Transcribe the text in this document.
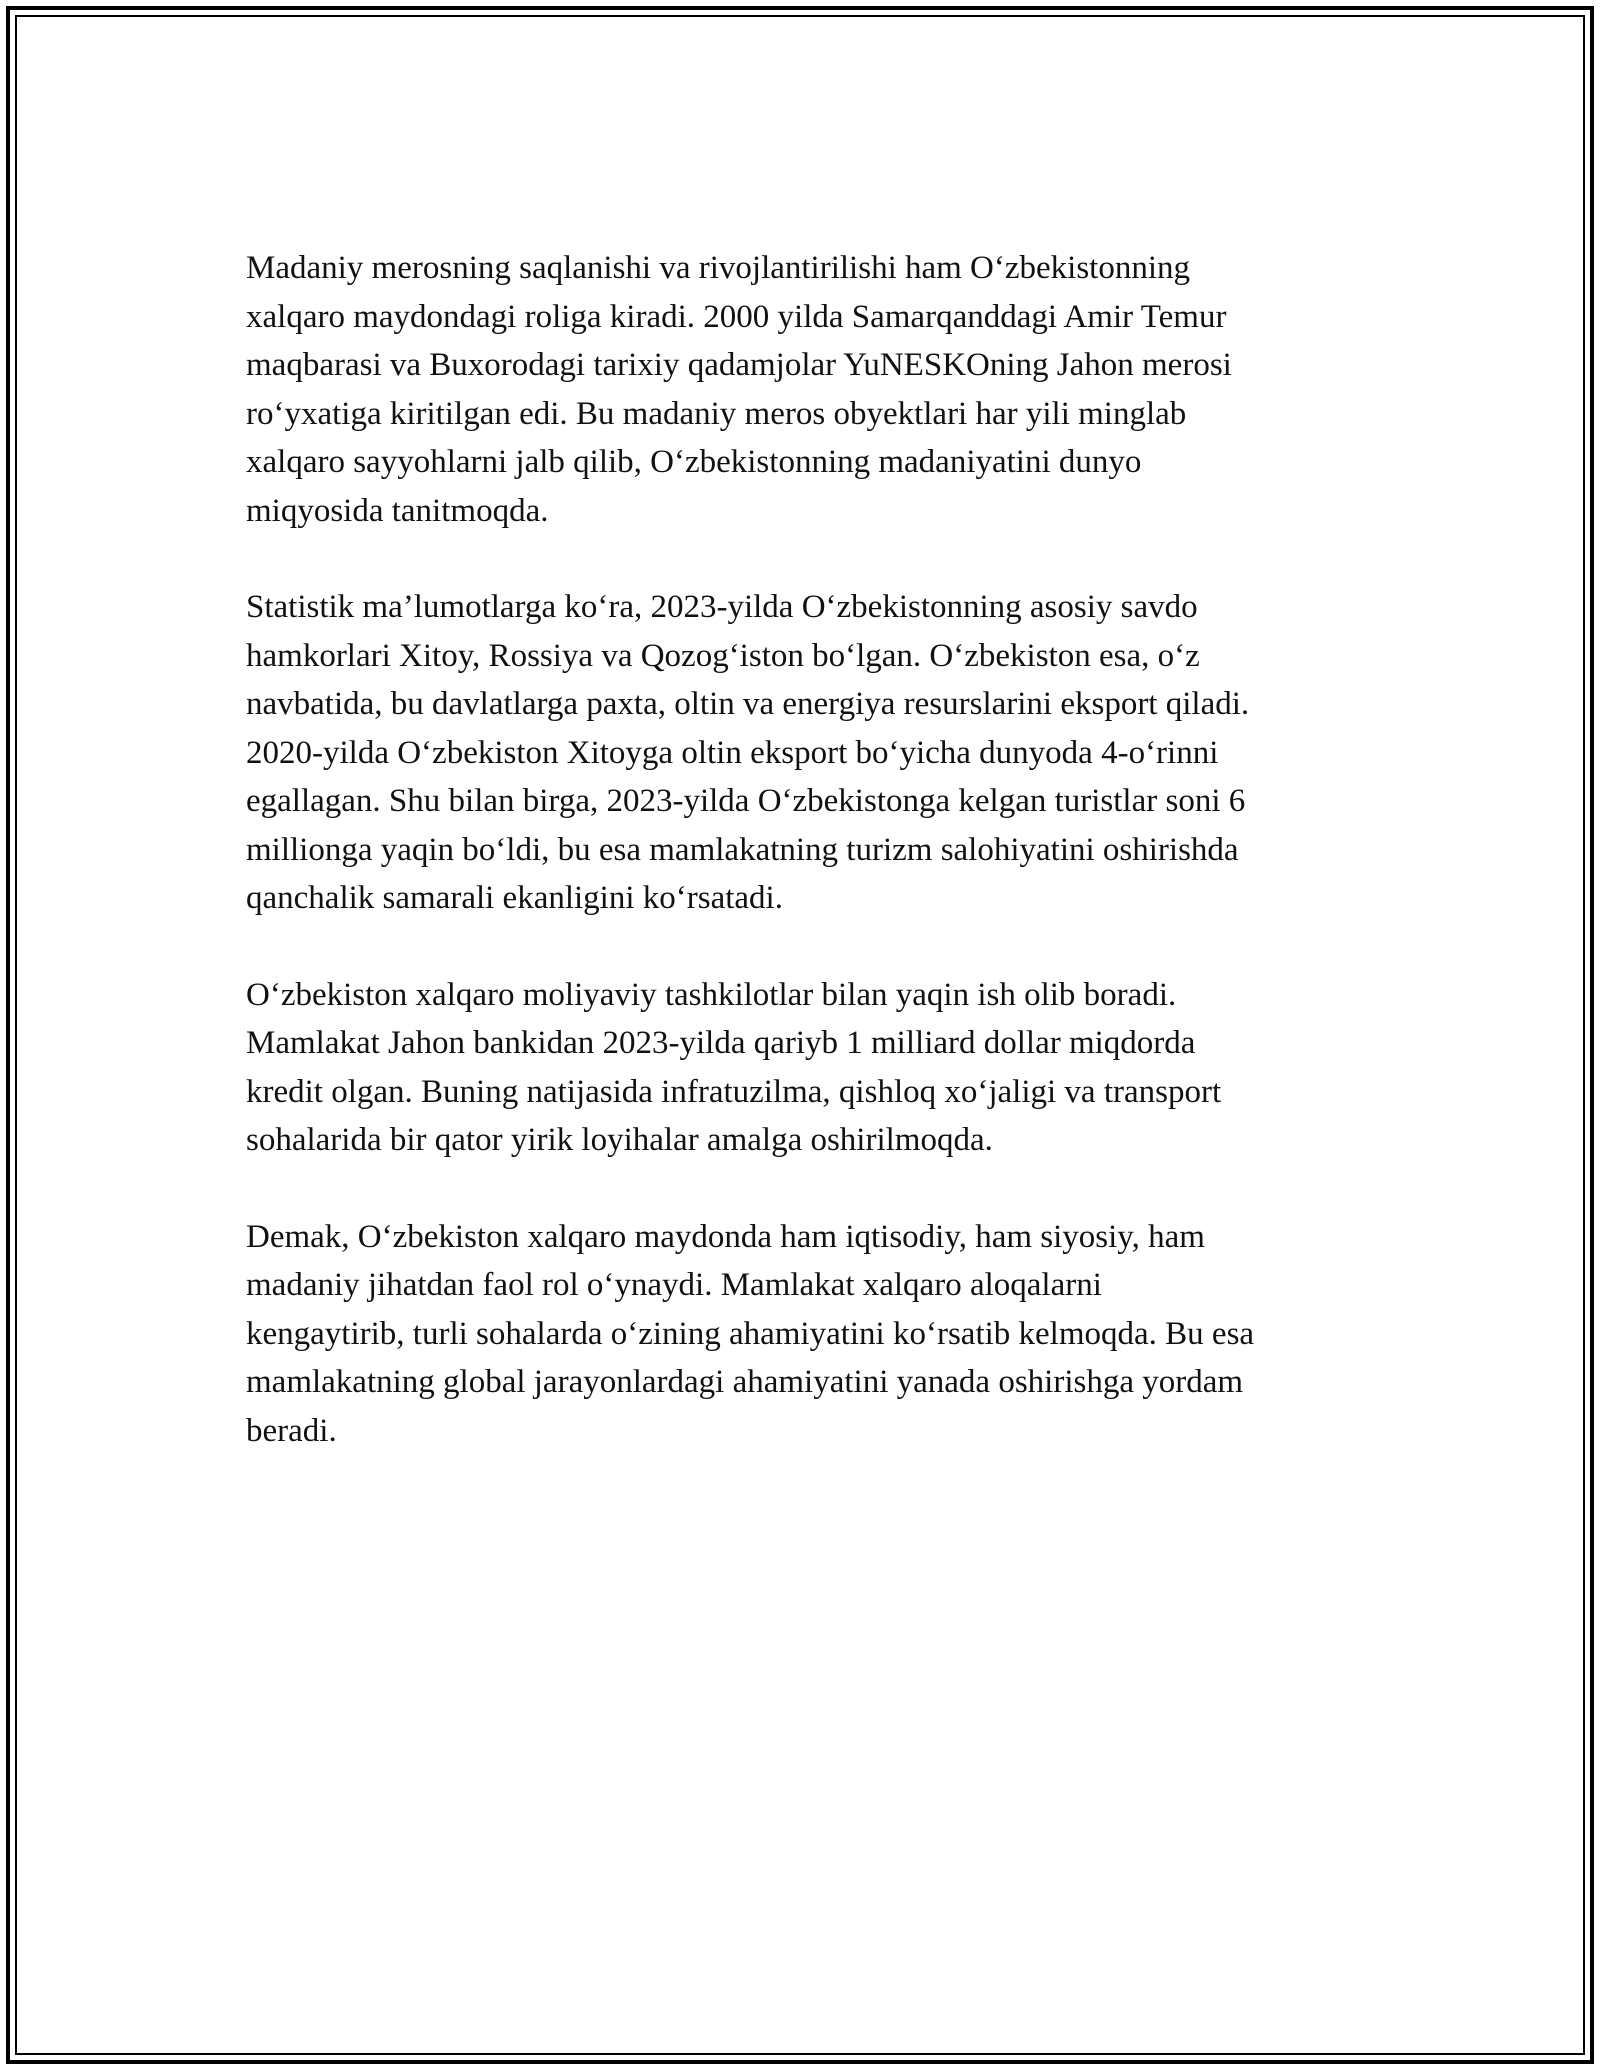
Madaniy merosning saqlanishi va rivojlantirilishi ham O‘zbekistonning
xalqaro maydondagi roliga kiradi. 2000 yilda Samarqanddagi Amir Temur
maqbarasi va Buxorodagi tarixiy qadamjolar YuNESKOning Jahon merosi
ro‘yxatiga kiritilgan edi. Bu madaniy meros obyektlari har yili minglab
xalqaro sayyohlarni jalb qilib, O‘zbekistonning madaniyatini dunyo
miqyosida tanitmoqda.

Statistik ma’lumotlarga ko‘ra, 2023-yilda O‘zbekistonning asosiy savdo
hamkorlari Xitoy, Rossiya va Qozog‘iston bo‘lgan. O‘zbekiston esa, o‘z
navbatida, bu davlatlarga paxta, oltin va energiya resurslarini eksport qiladi.
2020-yilda O‘zbekiston Xitoyga oltin eksport bo‘yicha dunyoda 4-o‘rinni
egallagan. Shu bilan birga, 2023-yilda O‘zbekistonga kelgan turistlar soni 6
millionga yaqin bo‘ldi, bu esa mamlakatning turizm salohiyatini oshirishda
qanchalik samarali ekanligini ko‘rsatadi.

O‘zbekiston xalqaro moliyaviy tashkilotlar bilan yaqin ish olib boradi.
Mamlakat Jahon bankidan 2023-yilda qariyb 1 milliard dollar miqdorda
kredit olgan. Buning natijasida infratuzilma, qishloq xo‘jaligi va transport
sohalarida bir qator yirik loyihalar amalga oshirilmoqda.

Demak, O‘zbekiston xalqaro maydonda ham iqtisodiy, ham siyosiy, ham
madaniy jihatdan faol rol o‘ynaydi. Mamlakat xalqaro aloqalarni
kengaytirib, turli sohalarda o‘zining ahamiyatini ko‘rsatib kelmoqda. Bu esa
mamlakatning global jarayonlardagi ahamiyatini yanada oshirishga yordam
beradi.
